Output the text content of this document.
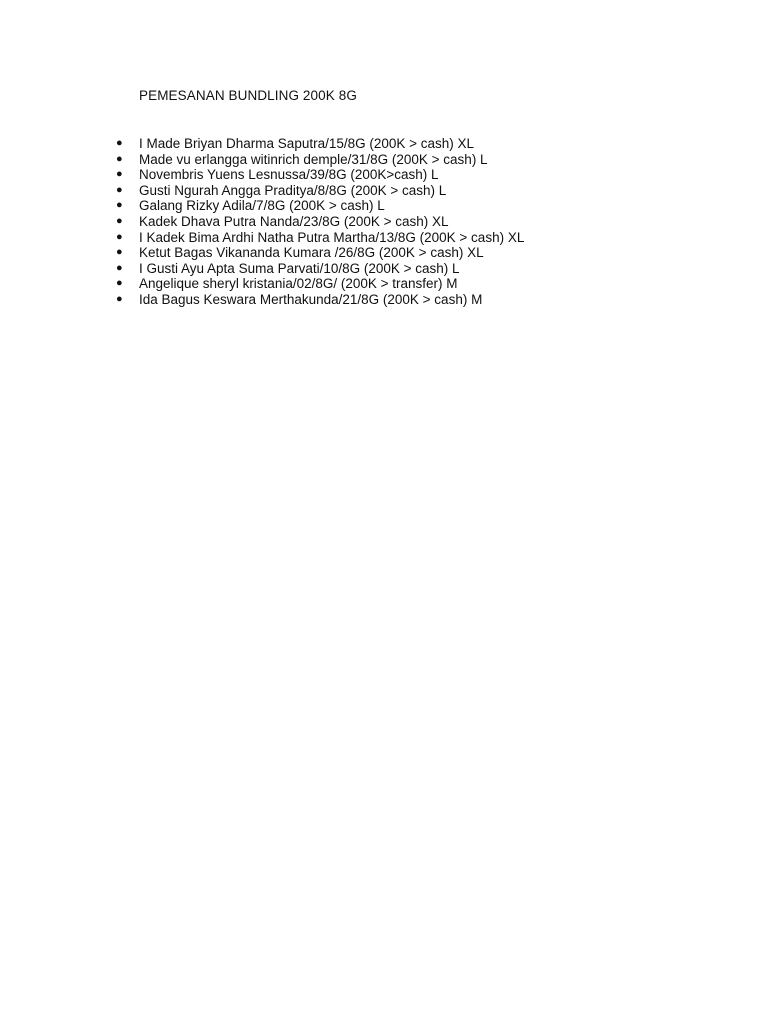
PEMESANAN BUNDLING 200K 8G
● I Made Briyan Dharma Saputra/15/8G (200K > cash) XL
● Made vu erlangga witinrich demple/31/8G (200K > cash) L
● Novembris Yuens Lesnussa/39/8G (200K>cash) L
● Gusti Ngurah Angga Praditya/8/8G (200K > cash) L
● Galang Rizky Adila/7/8G (200K > cash) L
● Kadek Dhava Putra Nanda/23/8G (200K > cash) XL
● I Kadek Bima Ardhi Natha Putra Martha/13/8G (200K > cash) XL
● Ketut Bagas Vikananda Kumara /26/8G (200K > cash) XL
● I Gusti Ayu Apta Suma Parvati/10/8G (200K > cash) L
● Angelique sheryl kristania/02/8G/ (200K > transfer) M
● Ida Bagus Keswara Merthakunda/21/8G (200K > cash) M
